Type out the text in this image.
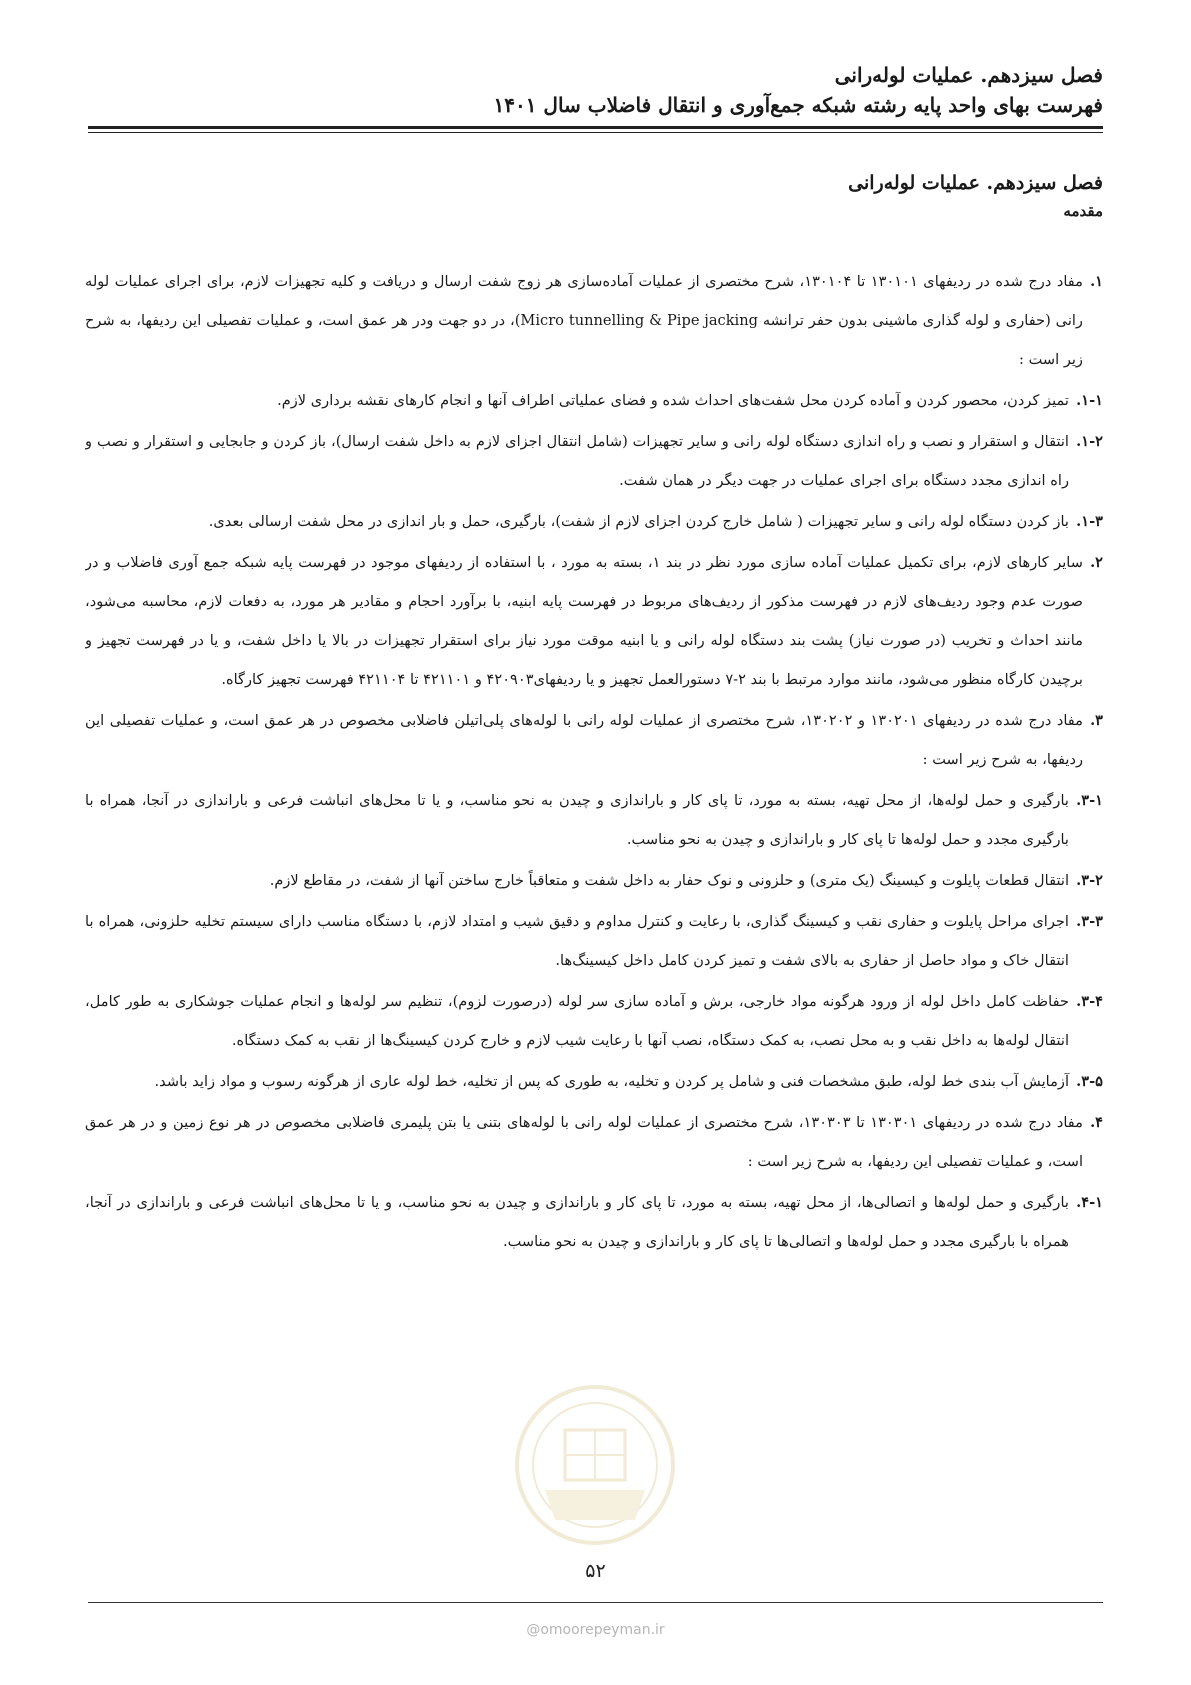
فصل سیزدهم. عملیات لوله‌رانی
فهرست بهای واحد پایه رشته شبکه جمع‌آوری و انتقال فاضلاب سال ۱۴۰۱
فصل سیزدهم. عملیات لوله‌رانی
مقدمه
۱.
مفاد درج شده در ردیفهای ۱۳۰۱۰۱ تا ۱۳۰۱۰۴، شرح مختصری از عملیات آماده‌سازی هر زوج شفت ارسال و دریافت و کلیه تجهیزات لازم، برای اجرای عملیات لوله رانی (حفاری و لوله گذاری ماشینی بدون حفر ترانشه Micro tunnelling & Pipe jacking)، در دو جهت ودر هر عمق است، و عملیات تفصیلی این ردیفها، به شرح زیر است :
۱-۱.
تمیز کردن، محصور کردن و آماده کردن محل شفت‌های احداث شده و فضای عملیاتی اطراف آنها و انجام کارهای نقشه برداری لازم.
۱-۲.
انتقال و استقرار و نصب و راه اندازی دستگاه لوله رانی و سایر تجهیزات (شامل انتقال اجزای لازم به داخل شفت ارسال)، باز کردن و جابجایی و استقرار و نصب و راه اندازی مجدد دستگاه برای اجرای عملیات در جهت دیگر در همان شفت.
۱-۳.
باز کردن دستگاه لوله رانی و سایر تجهیزات ( شامل خارج کردن اجزای لازم از شفت)، بارگیری، حمل و بار اندازی در محل شفت ارسالی بعدی.
۲.
سایر کارهای لازم، برای تکمیل عملیات آماده سازی مورد نظر در بند ۱، بسته به مورد ، با استفاده از ردیفهای موجود در فهرست پایه شبکه جمع آوری فاضلاب و در صورت عدم وجود ردیف‌های لازم در فهرست مذکور از ردیف‌های مربوط در فهرست پایه ابنیه، با برآورد احجام و مقادیر هر مورد، به دفعات لازم، محاسبه می‌شود، مانند احداث و تخریب (در صورت نیاز) پشت بند دستگاه لوله رانی و یا ابنیه موقت مورد نیاز برای استقرار تجهیزات در بالا یا داخل شفت، و یا در فهرست تجهیز و برچیدن کارگاه منظور می‌شود، مانند موارد مرتبط با بند ۲-۷ دستورالعمل تجهیز و یا ردیفهای۴۲۰۹۰۳ و ۴۲۱۱۰۱ تا ۴۲۱۱۰۴ فهرست تجهیز کارگاه.
۳.
مفاد درج شده در ردیفهای ۱۳۰۲۰۱ و ۱۳۰۲۰۲، شرح مختصری از عملیات لوله رانی با لوله‌های پلی‌اتیلن فاضلابی مخصوص در هر عمق است، و عملیات تفصیلی این ردیفها، به شرح زیر است :
۳-۱.
بارگیری و حمل لوله‌ها، از محل تهیه، بسته به مورد، تا پای کار و باراندازی و چیدن به نحو مناسب، و یا تا محل‌های انباشت فرعی و باراندازی در آنجا، همراه با بارگیری مجدد و حمل لوله‌ها تا پای کار و باراندازی و چیدن به نحو مناسب.
۳-۲.
انتقال قطعات پایلوت و کیسینگ (یک متری) و حلزونی و نوک حفار به داخل شفت و متعاقباً خارج ساختن آنها از شفت، در مقاطع لازم.
۳-۳.
اجرای مراحل پایلوت و حفاری نقب و کیسینگ گذاری، با رعایت و کنترل مداوم و دقیق شیب و امتداد لازم، با دستگاه مناسب دارای سیستم تخلیه حلزونی، همراه با انتقال خاک و مواد حاصل از حفاری به بالای شفت و تمیز کردن کامل داخل کیسینگ‌ها.
۳-۴.
حفاظت کامل داخل لوله از ورود هرگونه مواد خارجی، برش و آماده سازی سر لوله (درصورت لزوم)، تنظیم سر لوله‌ها و انجام عملیات جوشکاری به طور کامل، انتقال لوله‌ها به داخل نقب و به محل نصب، به کمک دستگاه، نصب آنها با رعایت شیب لازم و خارج کردن کیسینگ‌ها از نقب به کمک دستگاه.
۳-۵.
آزمایش آب بندی خط لوله، طبق مشخصات فنی و شامل پر کردن و تخلیه، به طوری که پس از تخلیه، خط لوله عاری از هرگونه رسوب و مواد زاید باشد.
۴.
مفاد درج شده در ردیفهای ۱۳۰۳۰۱ تا ۱۳۰۳۰۳، شرح مختصری از عملیات لوله رانی با لوله‌های بتنی یا بتن پلیمری فاضلابی مخصوص در هر نوع زمین و در هر عمق است، و عملیات تفصیلی این ردیفها، به شرح زیر است :
۴-۱.
بارگیری و حمل لوله‌ها و اتصالی‌ها، از محل تهیه، بسته به مورد، تا پای کار و باراندازی و چیدن به نحو مناسب، و یا تا محل‌های انباشت فرعی و باراندازی در آنجا، همراه با بارگیری مجدد و حمل لوله‌ها و اتصالی‌ها تا پای کار و باراندازی و چیدن به نحو مناسب.
۵۲
@omoorepeyman.ir
